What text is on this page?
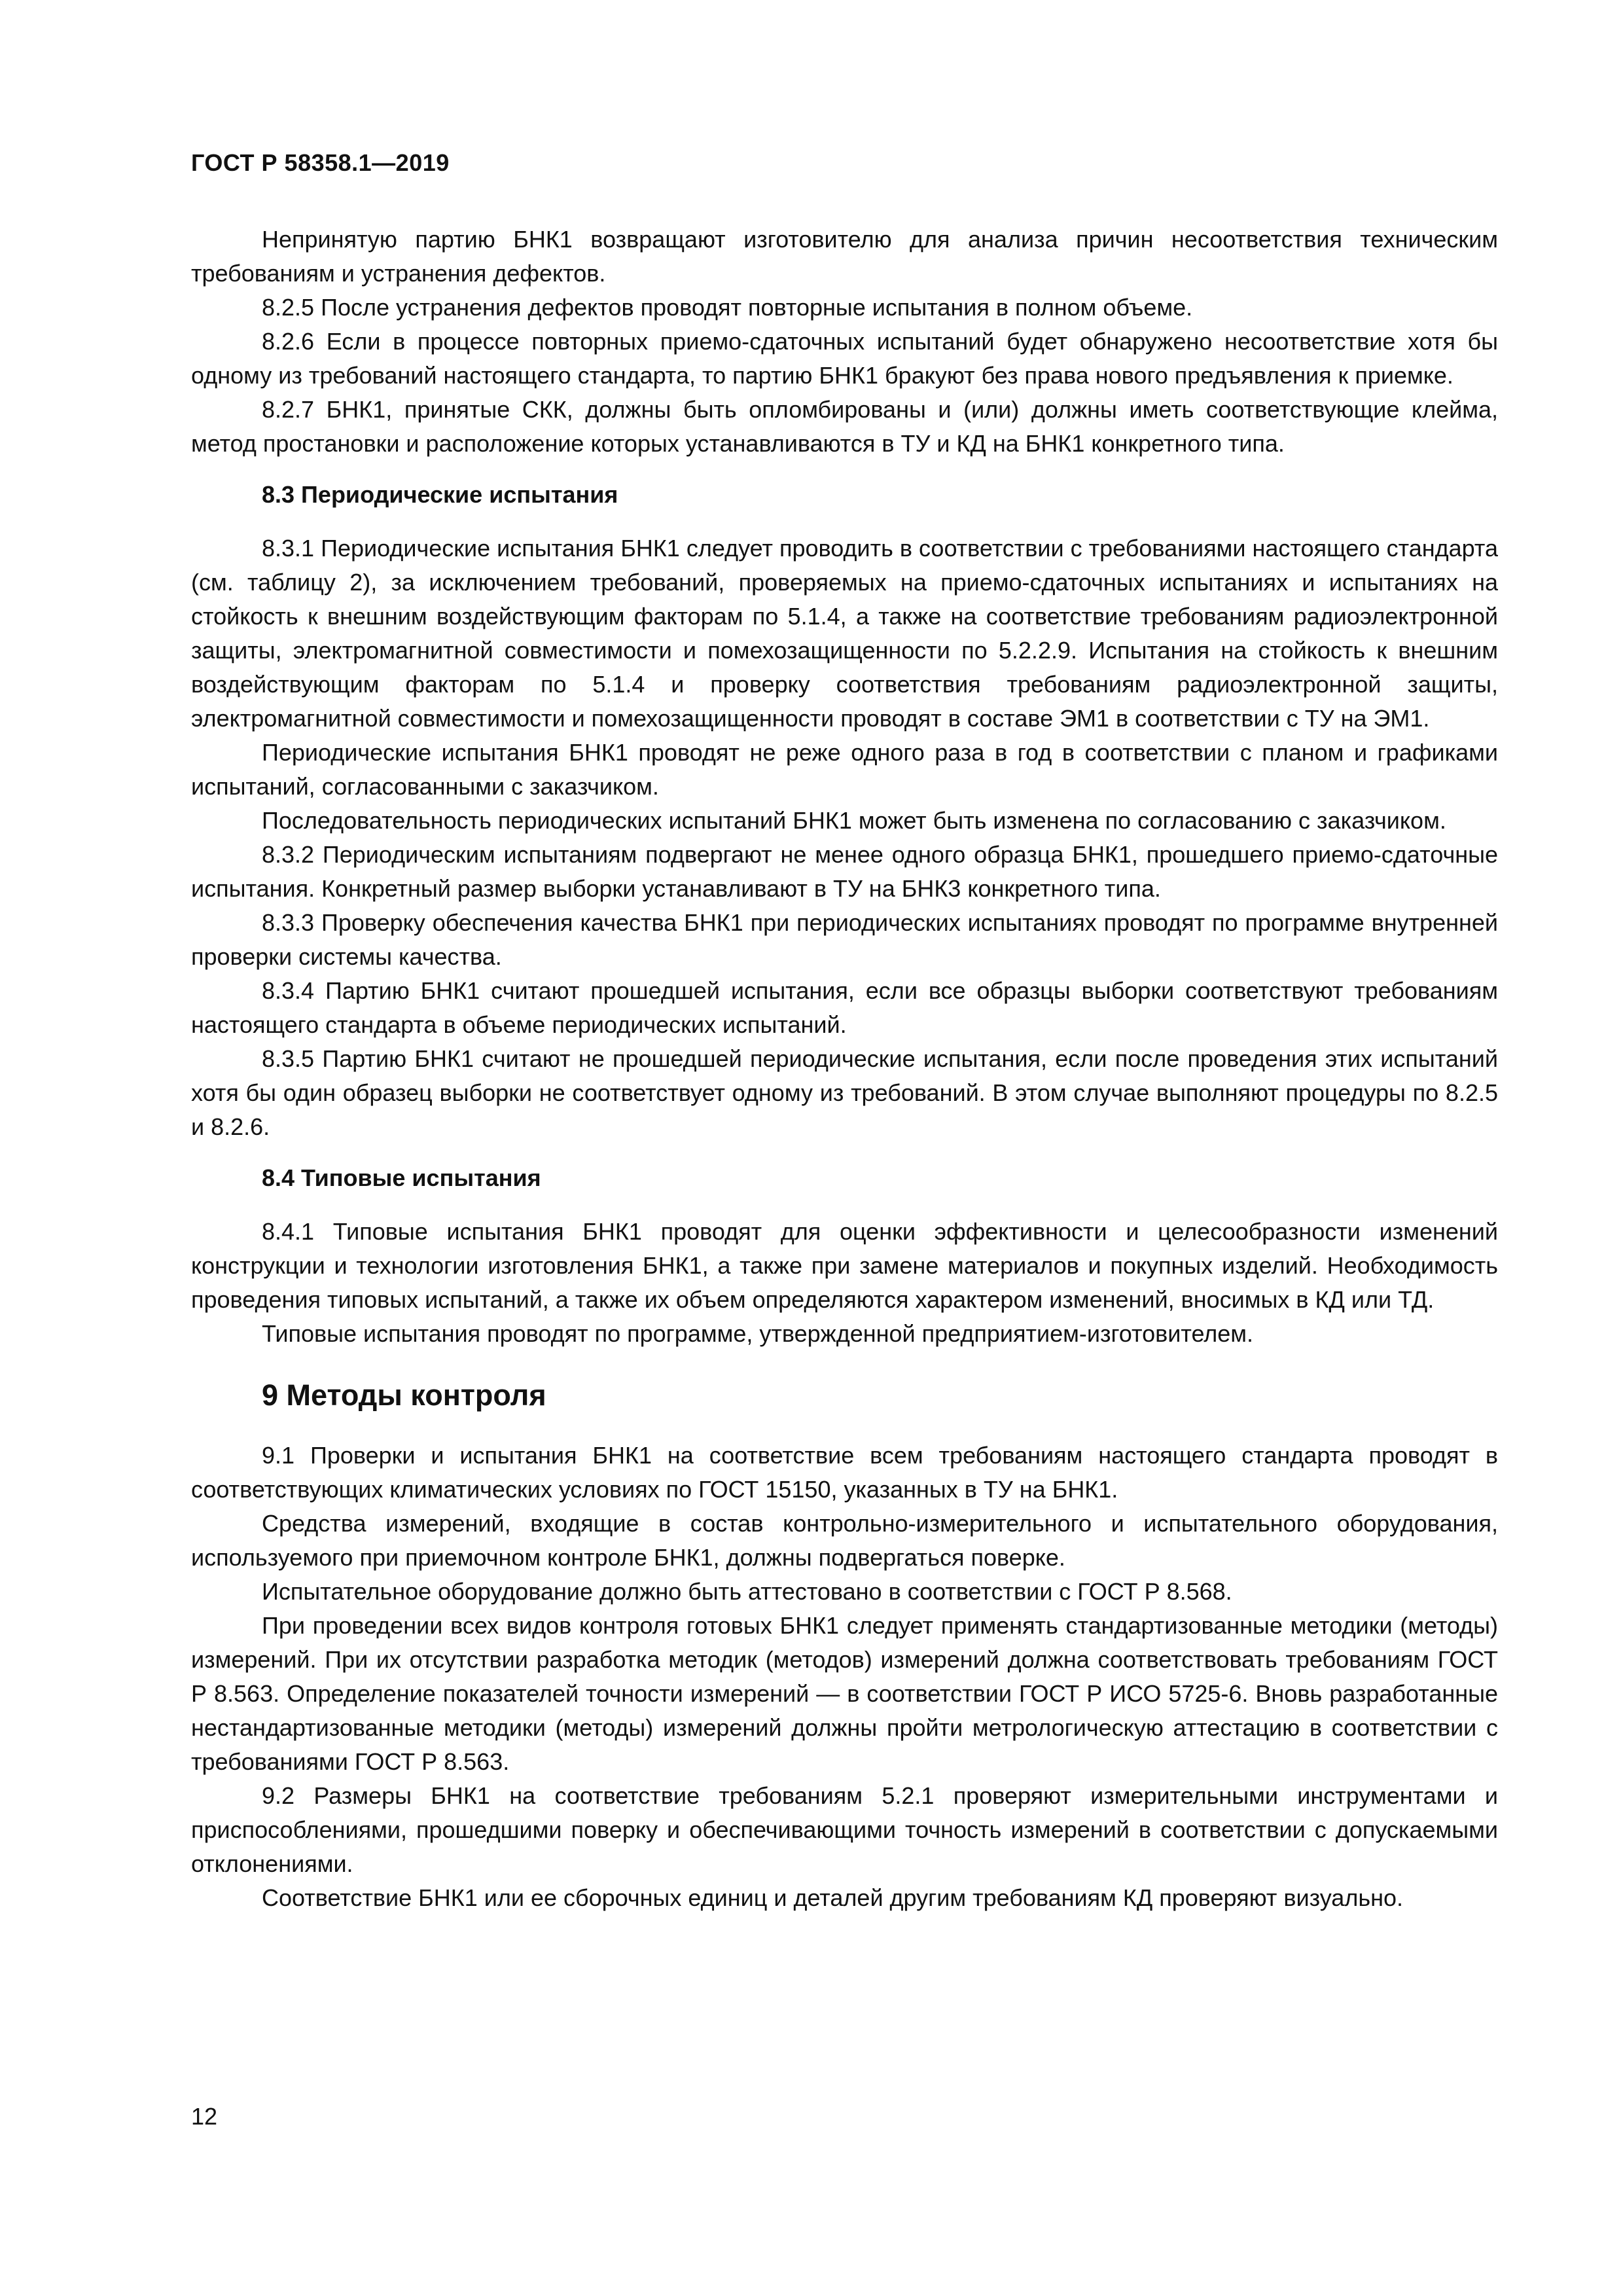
ГОСТ Р 58358.1—2019

Непринятую партию БНК1 возвращают изготовителю для анализа причин несоответствия техническим требованиям и устранения дефектов.

8.2.5 После устранения дефектов проводят повторные испытания в полном объеме.

8.2.6 Если в процессе повторных приемо-сдаточных испытаний будет обнаружено несоответствие хотя бы одному из требований настоящего стандарта, то партию БНК1 бракуют без права нового предъявления к приемке.

8.2.7 БНК1, принятые СКК, должны быть опломбированы и (или) должны иметь соответствующие клейма, метод простановки и расположение которых устанавливаются в ТУ и КД на БНК1 конкретного типа.

8.3 Периодические испытания

8.3.1 Периодические испытания БНК1 следует проводить в соответствии с требованиями настоящего стандарта (см. таблицу 2), за исключением требований, проверяемых на приемо-сдаточных испытаниях и испытаниях на стойкость к внешним воздействующим факторам по 5.1.4, а также на соответствие требованиям радиоэлектронной защиты, электромагнитной совместимости и помехозащищенности по 5.2.2.9. Испытания на стойкость к внешним воздействующим факторам по 5.1.4 и проверку соответствия требованиям радиоэлектронной защиты, электромагнитной совместимости и помехозащищенности проводят в составе ЭМ1 в соответствии с ТУ на ЭМ1.

Периодические испытания БНК1 проводят не реже одного раза в год в соответствии с планом и графиками испытаний, согласованными с заказчиком.

Последовательность периодических испытаний БНК1 может быть изменена по согласованию с заказчиком.

8.3.2 Периодическим испытаниям подвергают не менее одного образца БНК1, прошедшего приемо-сдаточные испытания. Конкретный размер выборки устанавливают в ТУ на БНК3 конкретного типа.

8.3.3 Проверку обеспечения качества БНК1 при периодических испытаниях проводят по программе внутренней проверки системы качества.

8.3.4 Партию БНК1 считают прошедшей испытания, если все образцы выборки соответствуют требованиям настоящего стандарта в объеме периодических испытаний.

8.3.5 Партию БНК1 считают не прошедшей периодические испытания, если после проведения этих испытаний хотя бы один образец выборки не соответствует одному из требований. В этом случае выполняют процедуры по 8.2.5 и 8.2.6.

8.4 Типовые испытания

8.4.1 Типовые испытания БНК1 проводят для оценки эффективности и целесообразности изменений конструкции и технологии изготовления БНК1, а также при замене материалов и покупных изделий. Необходимость проведения типовых испытаний, а также их объем определяются характером изменений, вносимых в КД или ТД.

Типовые испытания проводят по программе, утвержденной предприятием-изготовителем.

9 Методы контроля

9.1 Проверки и испытания БНК1 на соответствие всем требованиям настоящего стандарта проводят в соответствующих климатических условиях по ГОСТ 15150, указанных в ТУ на БНК1.

Средства измерений, входящие в состав контрольно-измерительного и испытательного оборудования, используемого при приемочном контроле БНК1, должны подвергаться поверке.

Испытательное оборудование должно быть аттестовано в соответствии с ГОСТ Р 8.568.

При проведении всех видов контроля готовых БНК1 следует применять стандартизованные методики (методы) измерений. При их отсутствии разработка методик (методов) измерений должна соответствовать требованиям ГОСТ Р 8.563. Определение показателей точности измерений — в соответствии ГОСТ Р ИСО 5725-6. Вновь разработанные нестандартизованные методики (методы) измерений должны пройти метрологическую аттестацию в соответствии с требованиями ГОСТ Р 8.563.

9.2 Размеры БНК1 на соответствие требованиям 5.2.1 проверяют измерительными инструментами и приспособлениями, прошедшими поверку и обеспечивающими точность измерений в соответствии с допускаемыми отклонениями.

Соответствие БНК1 или ее сборочных единиц и деталей другим требованиям КД проверяют визуально.

12
